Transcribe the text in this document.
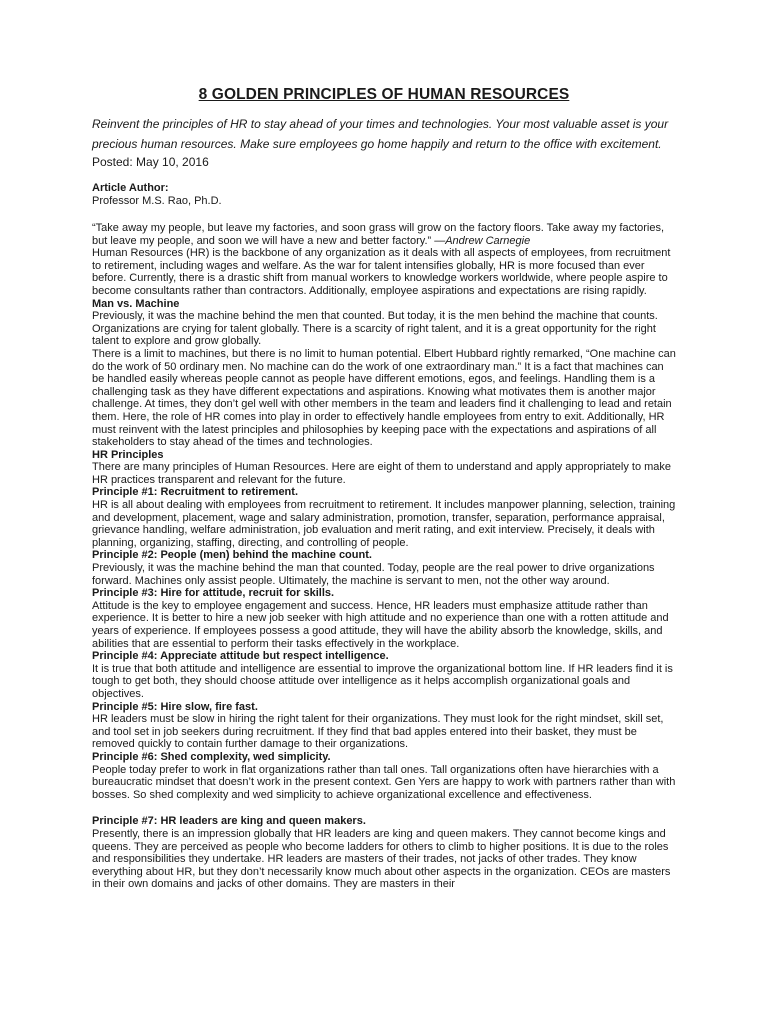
8 GOLDEN PRINCIPLES OF HUMAN RESOURCES

Reinvent the principles of HR to stay ahead of your times and technologies. Your most valuable asset is your precious human resources. Make sure employees go home happily and return to the office with excitement.

Posted: May 10, 2016

Article Author:

Professor M.S. Rao, Ph.D.

“Take away my people, but leave my factories, and soon grass will grow on the factory floors. Take away my factories, but leave my people, and soon we will have a new and better factory.” —Andrew Carnegie

Human Resources (HR) is the backbone of any organization as it deals with all aspects of employees, from recruitment to retirement, including wages and welfare. As the war for talent intensifies globally, HR is more focused than ever before. Currently, there is a drastic shift from manual workers to knowledge workers worldwide, where people aspire to become consultants rather than contractors. Additionally, employee aspirations and expectations are rising rapidly.

Man vs. Machine

Previously, it was the machine behind the men that counted. But today, it is the men behind the machine that counts. Organizations are crying for talent globally. There is a scarcity of right talent, and it is a great opportunity for the right talent to explore and grow globally.

There is a limit to machines, but there is no limit to human potential. Elbert Hubbard rightly remarked, “One machine can do the work of 50 ordinary men. No machine can do the work of one extraordinary man.” It is a fact that machines can be handled easily whereas people cannot as people have different emotions, egos, and feelings. Handling them is a challenging task as they have different expectations and aspirations. Knowing what motivates them is another major challenge. At times, they don’t gel well with other members in the team and leaders find it challenging to lead and retain them. Here, the role of HR comes into play in order to effectively handle employees from entry to exit. Additionally, HR must reinvent with the latest principles and philosophies by keeping pace with the expectations and aspirations of all stakeholders to stay ahead of the times and technologies.

HR Principles

There are many principles of Human Resources. Here are eight of them to understand and apply appropriately to make HR practices transparent and relevant for the future.

Principle #1: Recruitment to retirement.

HR is all about dealing with employees from recruitment to retirement. It includes manpower planning, selection, training and development, placement, wage and salary administration, promotion, transfer, separation, performance appraisal, grievance handling, welfare administration, job evaluation and merit rating, and exit interview. Precisely, it deals with planning, organizing, staffing, directing, and controlling of people.

Principle #2: People (men) behind the machine count.

Previously, it was the machine behind the man that counted. Today, people are the real power to drive organizations forward. Machines only assist people. Ultimately, the machine is servant to men, not the other way around.

Principle #3: Hire for attitude, recruit for skills.

Attitude is the key to employee engagement and success. Hence, HR leaders must emphasize attitude rather than experience. It is better to hire a new job seeker with high attitude and no experience than one with a rotten attitude and years of experience. If employees possess a good attitude, they will have the ability absorb the knowledge, skills, and abilities that are essential to perform their tasks effectively in the workplace.

Principle #4: Appreciate attitude but respect intelligence.

It is true that both attitude and intelligence are essential to improve the organizational bottom line. If HR leaders find it is tough to get both, they should choose attitude over intelligence as it helps accomplish organizational goals and objectives.

Principle #5: Hire slow, fire fast.

HR leaders must be slow in hiring the right talent for their organizations. They must look for the right mindset, skill set, and tool set in job seekers during recruitment. If they find that bad apples entered into their basket, they must be removed quickly to contain further damage to their organizations.

Principle #6: Shed complexity, wed simplicity.

People today prefer to work in flat organizations rather than tall ones. Tall organizations often have hierarchies with a bureaucratic mindset that doesn’t work in the present context. Gen Yers are happy to work with partners rather than with bosses. So shed complexity and wed simplicity to achieve organizational excellence and effectiveness.

Principle #7: HR leaders are king and queen makers.

Presently, there is an impression globally that HR leaders are king and queen makers. They cannot become kings and queens. They are perceived as people who become ladders for others to climb to higher positions. It is due to the roles and responsibilities they undertake. HR leaders are masters of their trades, not jacks of other trades. They know everything about HR, but they don’t necessarily know much about other aspects in the organization. CEOs are masters in their own domains and jacks of other domains. They are masters in their
